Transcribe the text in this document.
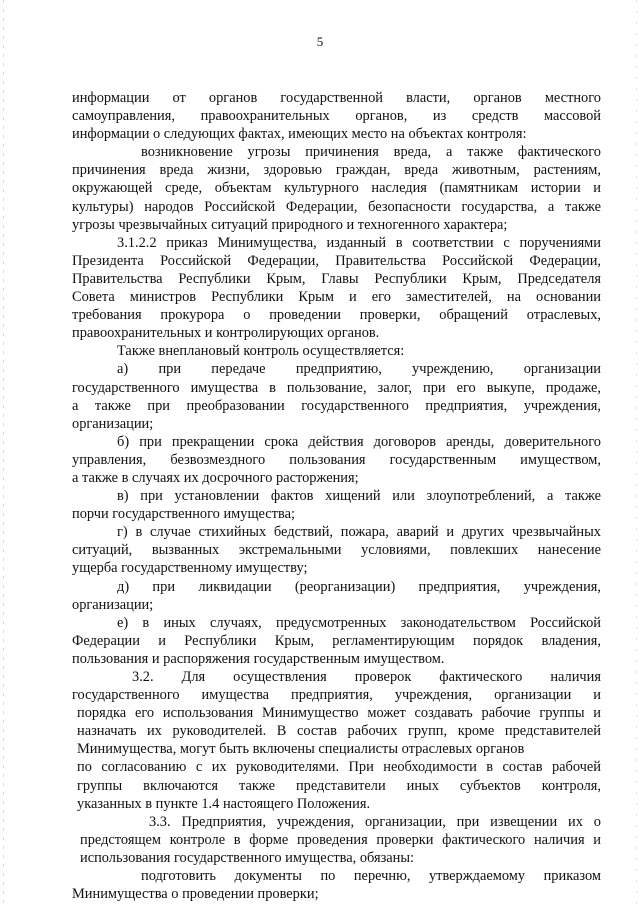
5
информации от органов государственной власти, органов местного
самоуправления, правоохранительных органов, из средств массовой
информации о следующих фактах, имеющих место на объектах контроля:
возникновение угрозы причинения вреда, а также фактического
причинения вреда жизни, здоровью граждан, вреда животным, растениям,
окружающей среде, объектам культурного наследия (памятникам истории и
культуры) народов Российской Федерации, безопасности государства, а также
угрозы чрезвычайных ситуаций природного и техногенного характера;
3.1.2.2 приказ Минимущества, изданный в соответствии с поручениями
Президента Российской Федерации, Правительства Российской Федерации,
Правительства Республики Крым, Главы Республики Крым, Председателя
Совета министров Республики Крым и его заместителей, на основании
требования прокурора о проведении проверки, обращений отраслевых,
правоохранительных и контролирующих органов.
Также внеплановый контроль осуществляется:
а) при передаче предприятию, учреждению, организации
государственного имущества в пользование, залог, при его выкупе, продаже,
а также при преобразовании государственного предприятия, учреждения,
организации;
б) при прекращении срока действия договоров аренды, доверительного
управления, безвозмездного пользования государственным имуществом,
а также в случаях их досрочного расторжения;
в) при установлении фактов хищений или злоупотреблений, а также
порчи государственного имущества;
г) в случае стихийных бедствий, пожара, аварий и других чрезвычайных
ситуаций, вызванных экстремальными условиями, повлекших нанесение
ущерба государственному имуществу;
д) при ликвидации (реорганизации) предприятия, учреждения,
организации;
е) в иных случаях, предусмотренных законодательством Российской
Федерации и Республики Крым, регламентирующим порядок владения,
пользования и распоряжения государственным имуществом.
3.2. Для осуществления проверок фактического наличия
государственного имущества предприятия, учреждения, организации и
порядка его использования Минимущество может создавать рабочие группы и
назначать их руководителей. В состав рабочих групп, кроме представителей
Минимущества, могут быть включены специалисты отраслевых органов
по согласованию с их руководителями. При необходимости в состав рабочей
группы включаются также представители иных субъектов контроля,
указанных в пункте 1.4 настоящего Положения.
3.3. Предприятия, учреждения, организации, при извещении их о
предстоящем контроле в форме проведения проверки фактического наличия и
использования государственного имущества, обязаны:
подготовить документы по перечню, утверждаемому приказом
Минимущества о проведении проверки;
